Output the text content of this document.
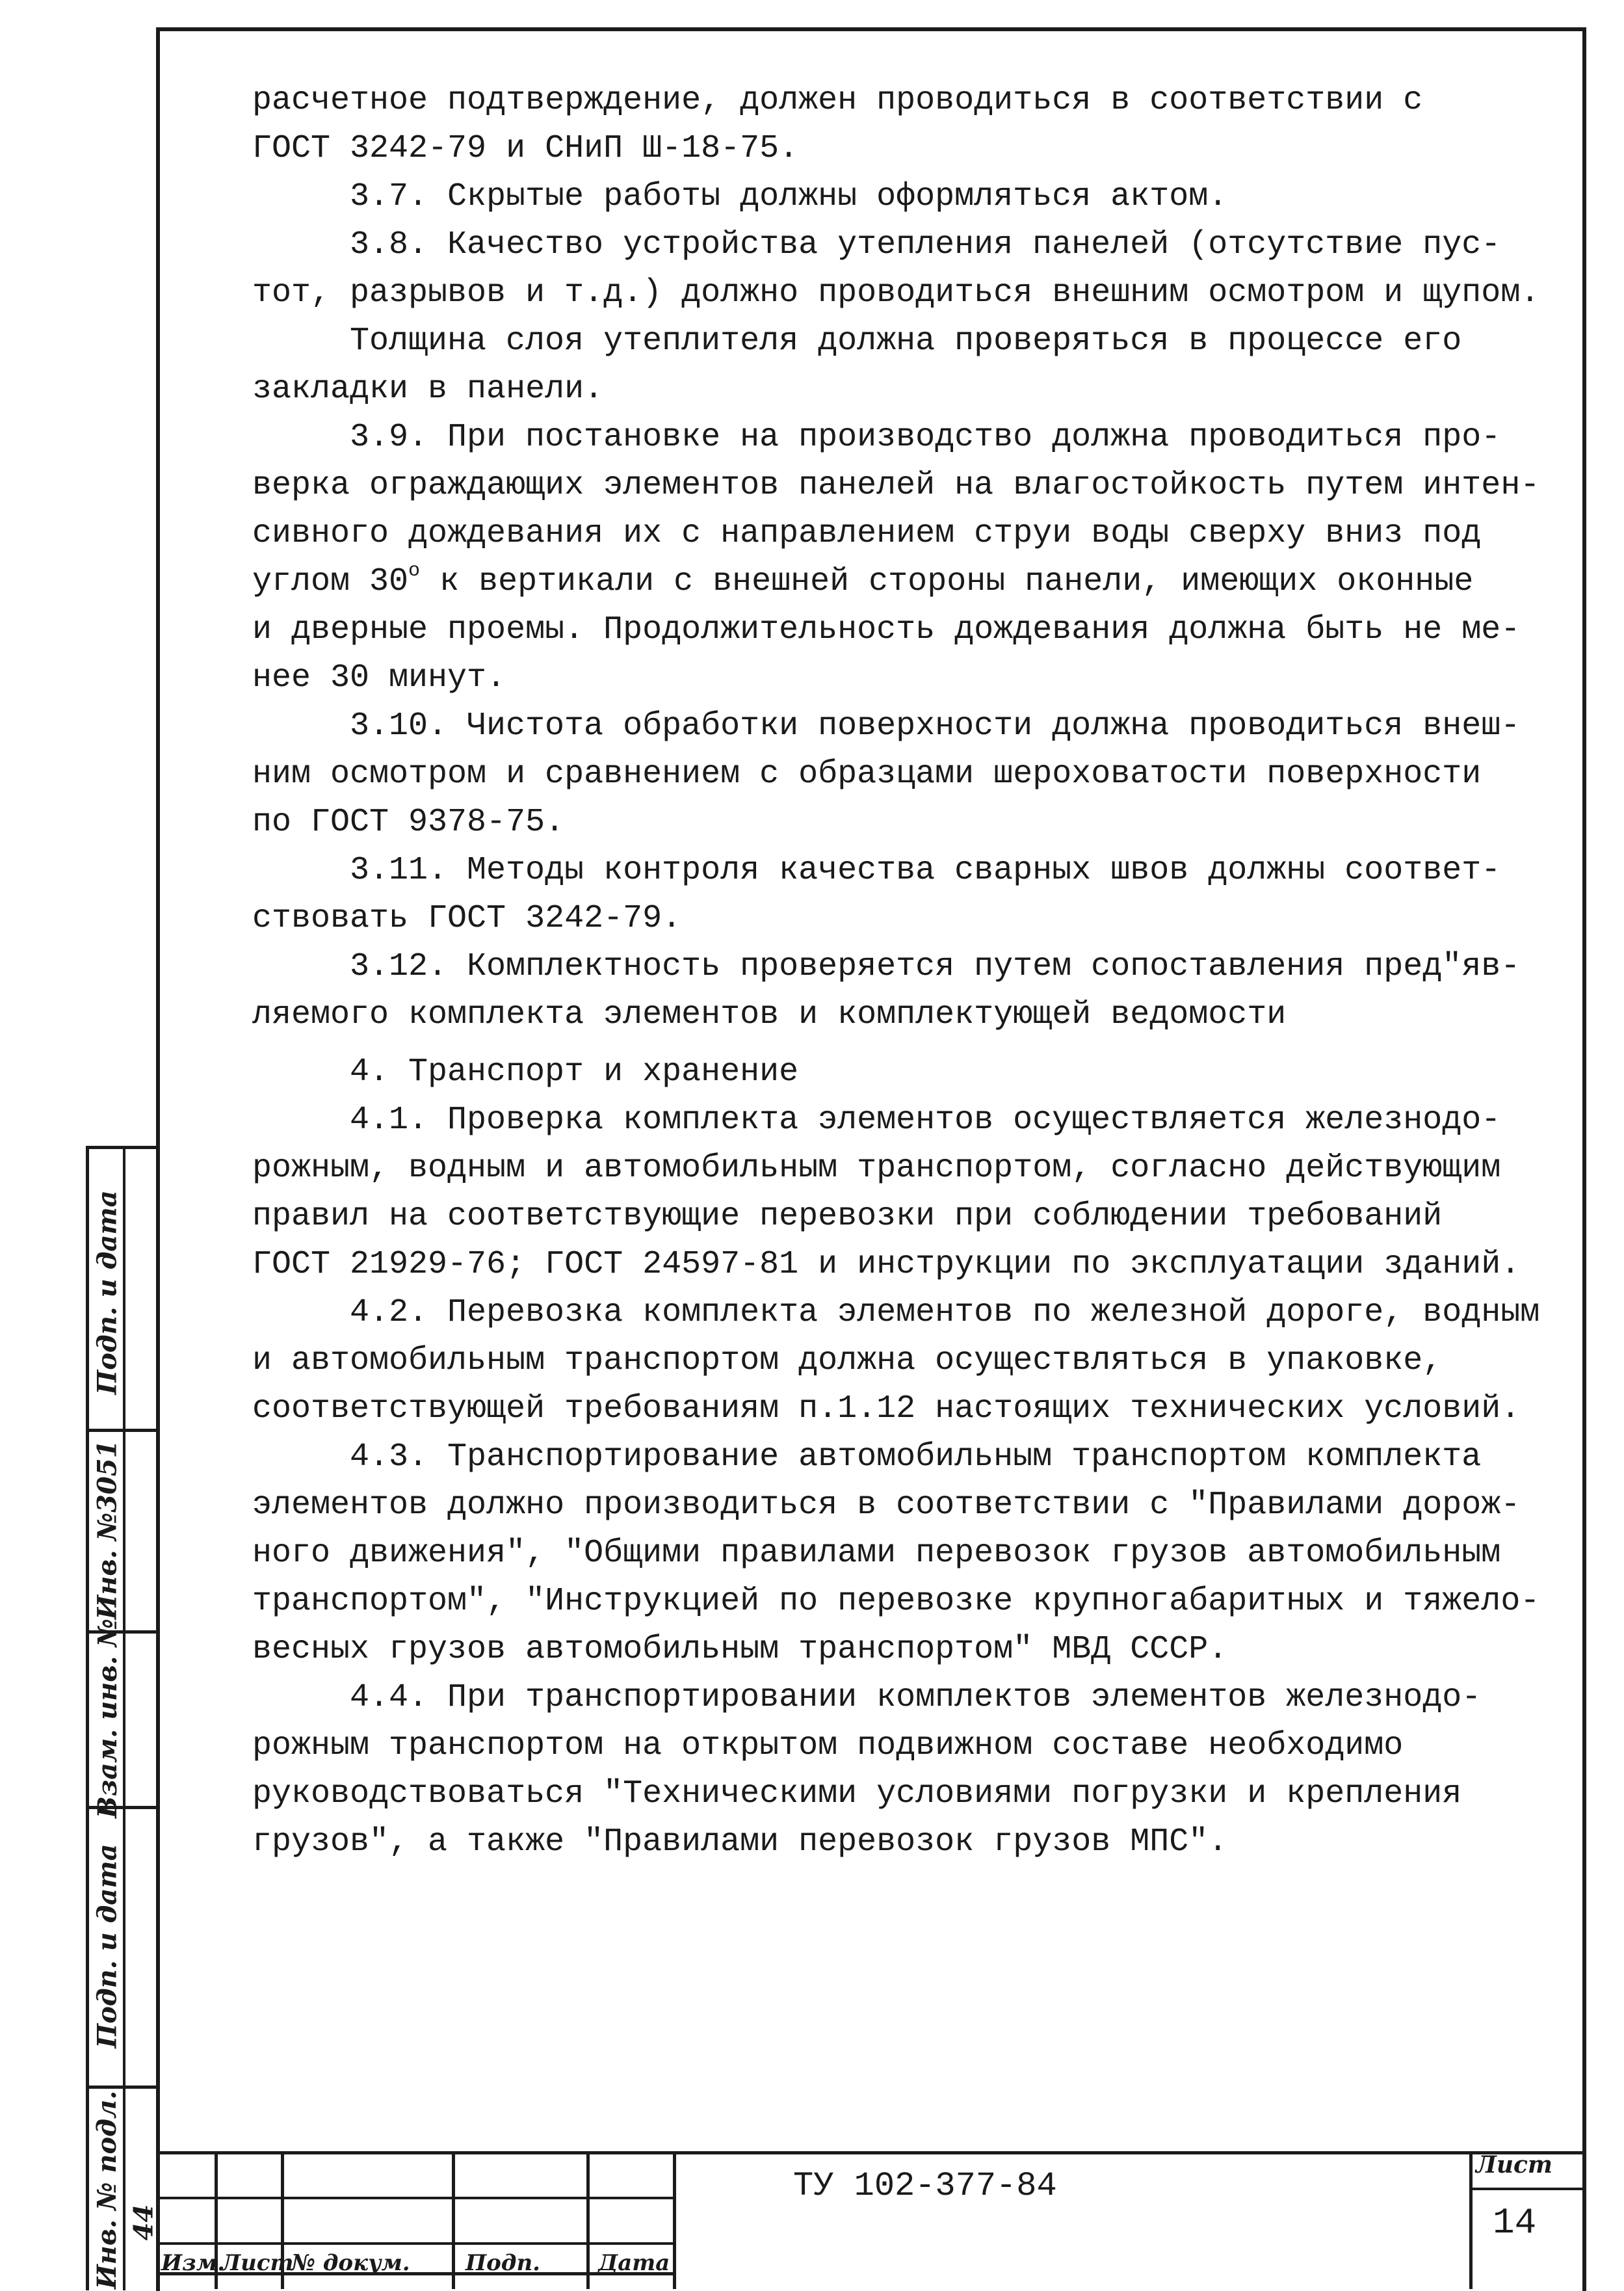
расчетное подтверждение, должен проводиться в соответствии с

ГОСТ 3242-79 и СНиП Ш-18-75.

3.7. Скрытые работы должны оформляться актом.

3.8. Качество устройства утепления панелей (отсутствие пус-

тот, разрывов и т.д.) должно проводиться внешним осмотром и щупом.

Толщина слоя утеплителя должна проверяться в процессе его

закладки в панели.

3.9. При постановке на производство должна проводиться про-

верка ограждающих элементов панелей на влагостойкость путем интен-

сивного дождевания их с направлением струи воды сверху вниз под

углом $30^о$ к вертикали с внешней стороны панели, имеющих оконные

и дверные проемы. Продолжительность дождевания должна быть не ме-

нее 30 минут.

3.10. Чистота обработки поверхности должна проводиться внеш-

ним осмотром и сравнением с образцами шероховатости поверхности

по ГОСТ 9378-75.

3.11. Методы контроля качества сварных швов должны соответ-

ствовать ГОСТ 3242-79.

3.12. Комплектность проверяется путем сопоставления пред"яв-

ляемого комплекта элементов и комплектующей ведомости

4. Транспорт и хранение

4.1. Проверка комплекта элементов осуществляется железнодо-

рожным, водным и автомобильным транспортом, согласно действующим

правил на соответствующие перевозки при соблюдении требований

ГОСТ 21929-76; ГОСТ 24597-81 и инструкции по эксплуатации зданий.

4.2. Перевозка комплекта элементов по железной дороге, водным

и автомобильным транспортом должна осуществляться в упаковке,

соответствующей требованиям п.1.12 настоящих технических условий.

4.3. Транспортирование автомобильным транспортом комплекта

элементов должно производиться в соответствии с "Правилами дорож-

ного движения", "Общими правилами перевозок грузов автомобильным

транспортом", "Инструкцией по перевозке крупногабаритных и тяжело-

весных грузов автомобильным транспортом" МВД СССР.

4.4. При транспортировании комплектов элементов железнодо-

рожным транспортом на открытом подвижном составе необходимо

руководствоваться "Техническими условиями погрузки и крепления

грузов", а также "Правилами перевозок грузов МПС".

Подп. и дата
Инв. №3051
Взам. инв. №
Подп. и дата
Инв. № подл. 44
Изм.
Лист
№ докум.	Подп.	Дата
ТУ 102-377-84
Лист
14
